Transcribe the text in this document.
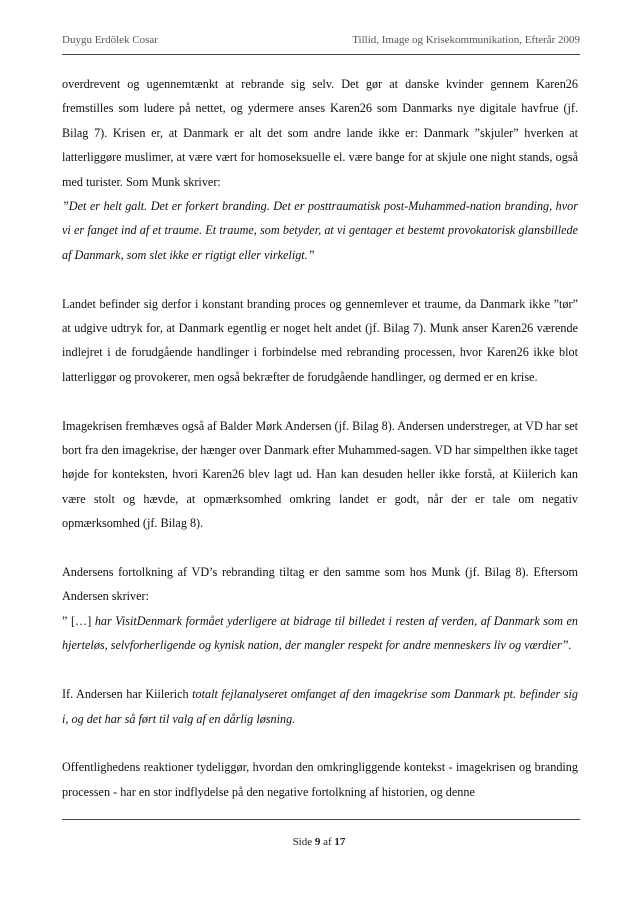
Duygu Erdölek Cosar	Tillid, Image og Krisekommunikation, Efterår 2009

overdrevent og ugennemtænkt at rebrande sig selv. Det gør at danske kvinder gennem Karen26 fremstilles som ludere på nettet, og ydermere anses Karen26 som Danmarks nye digitale havfrue (jf. Bilag 7). Krisen er, at Danmark er alt det som andre lande ikke er: Danmark ”skjuler” hverken at latterliggøre muslimer, at være vært for homoseksuelle el. være bange for at skjule one night stands, også med turister. Som Munk skriver:

”Det er helt galt. Det er forkert branding. Det er posttraumatisk post-Muhammed-nation branding, hvor vi er fanget ind af et traume. Et traume, som betyder, at vi gentager et bestemt provokatorisk glansbillede af Danmark, som slet ikke er rigtigt eller virkeligt.”

Landet befinder sig derfor i konstant branding proces og gennemlever et traume, da Danmark ikke ”tør” at udgive udtryk for, at Danmark egentlig er noget helt andet (jf. Bilag 7). Munk anser Karen26 værende indlejret i de forudgående handlinger i forbindelse med rebranding processen, hvor Karen26 ikke blot latterliggør og provokerer, men også bekræfter de forudgående handlinger, og dermed er en krise.

Imagekrisen fremhæves også af Balder Mørk Andersen (jf. Bilag 8). Andersen understreger, at VD har set bort fra den imagekrise, der hænger over Danmark efter Muhammed-sagen. VD har simpelthen ikke taget højde for konteksten, hvori Karen26 blev lagt ud. Han kan desuden heller ikke forstå, at Kiilerich kan være stolt og hævde, at opmærksomhed omkring landet er godt, når der er tale om negativ opmærksomhed (jf. Bilag 8).

Andersens fortolkning af VD’s rebranding tiltag er den samme som hos Munk (jf. Bilag 8). Eftersom Andersen skriver:

” […] har VisitDenmark formået yderligere at bidrage til billedet i resten af verden, af Danmark som en hjerteløs, selvforherligende og kynisk nation, der mangler respekt for andre menneskers liv og værdier”.

If. Andersen har Kiilerich totalt fejlanalyseret omfanget af den imagekrise som Danmark pt. befinder sig i, og det har så ført til valg af en dårlig løsning.

Offentlighedens reaktioner tydeliggør, hvordan den omkringliggende kontekst - imagekrisen og branding processen - har en stor indflydelse på den negative fortolkning af historien, og denne

Side 9 af 17
